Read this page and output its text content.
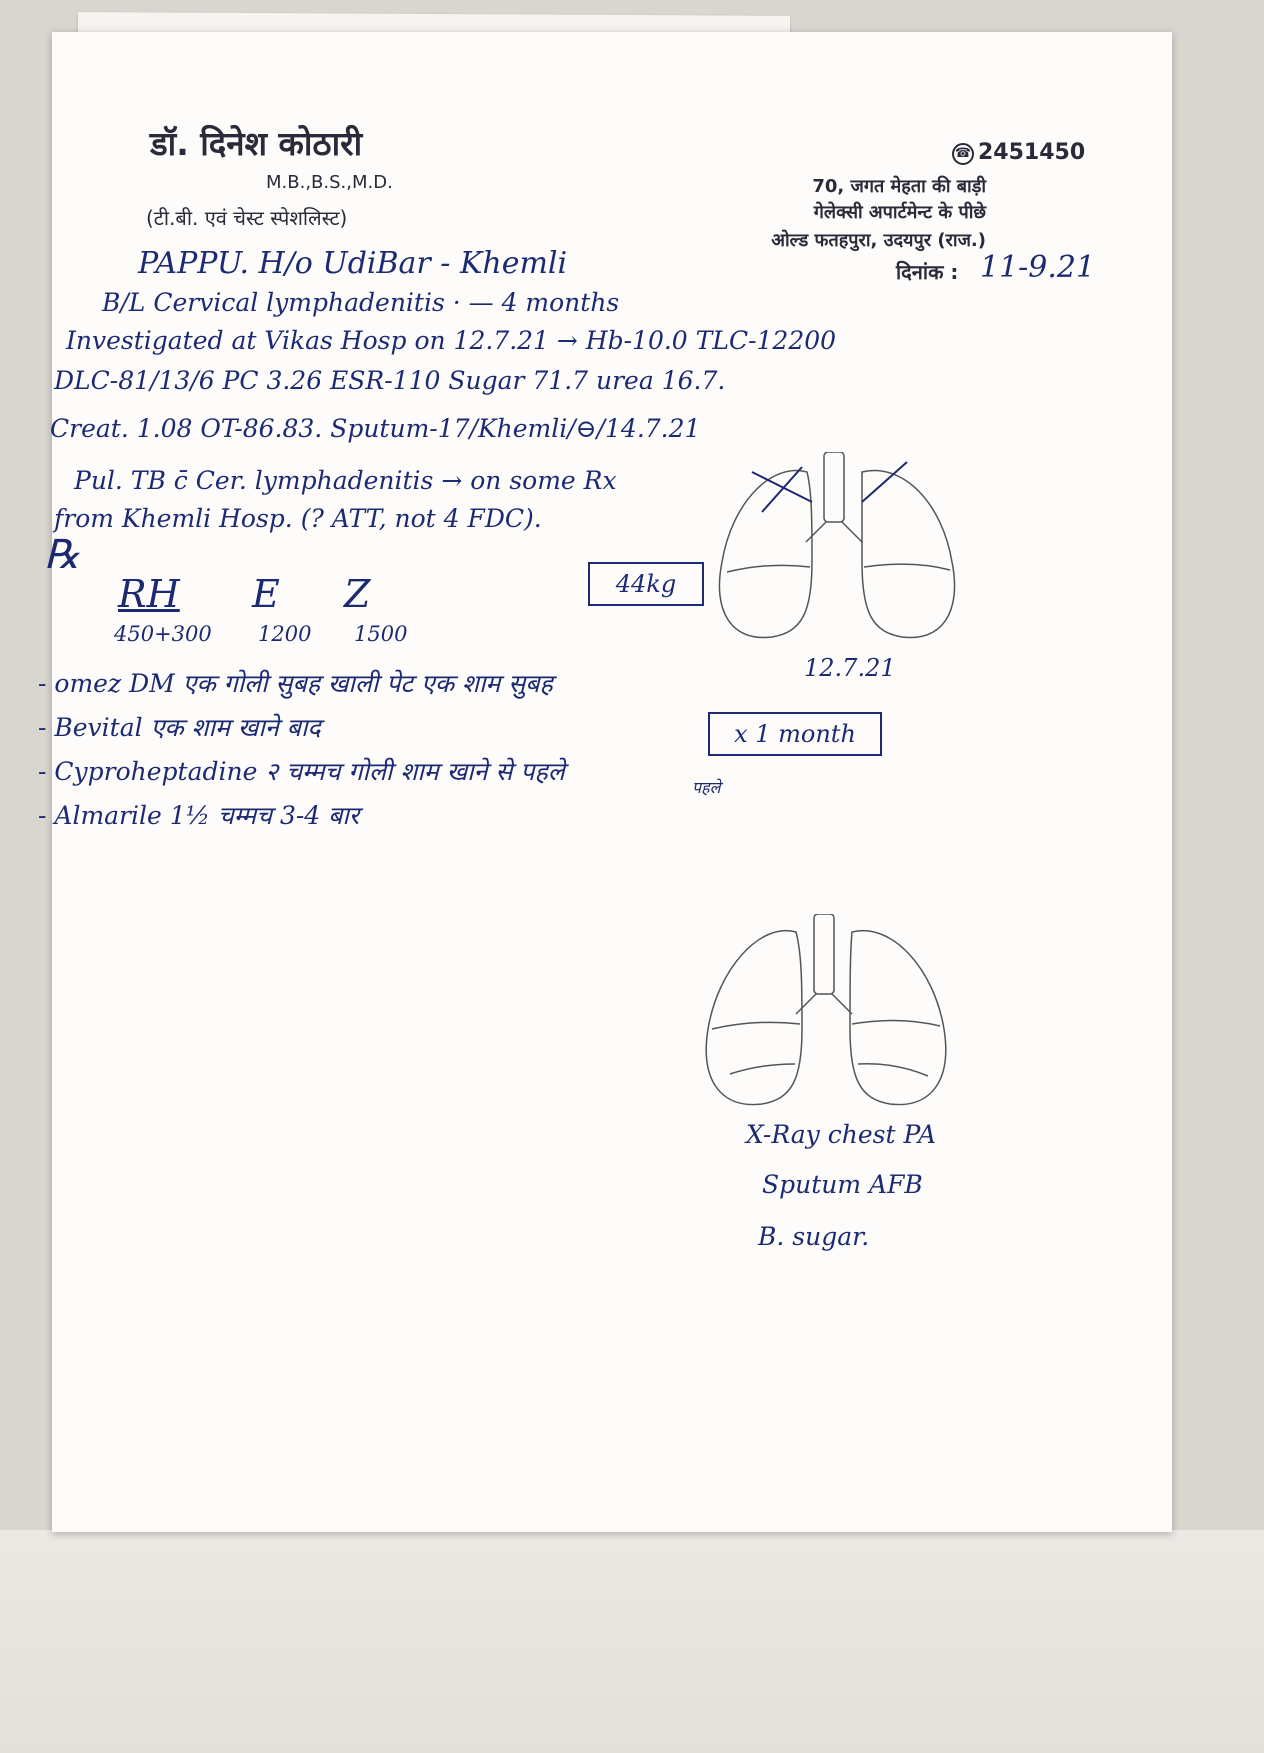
डॉ. दिनेश कोठारी
M.B.,B.S.,M.D.
(टी.बी. एवं चेस्ट स्पेशलिस्ट)
☎ 2451450
70, जगत मेहता की बाड़ी
गेलेक्सी अपार्टमेन्ट के पीछे
ओल्ड फतहपुरा, उदयपुर (राज.)
दिनांक : 11-9.21
PAPPU. H/o UdiBar - Khemli
B/L Cervical lymphadenitis · — 4 months
Investigated at Vikas Hosp on 12.7.21 → Hb-10.0 TLC-12200
DLC-81/13/6 PC 3.26 ESR-110 Sugar 71.7 urea 16.7.
Creat. 1.08 OT-86.83. Sputum-17/Khemli/⊖/14.7.21
Pul. TB c̄ Cer. lymphadenitis → on some Rx
from Khemli Hosp. (? ATT, not 4 FDC).
℞
RH E Z
450+300 1200 1500
44kg
- omez DM एक गोली सुबह खाली पेट एक शाम सुबह
- Bevital एक शाम खाने बाद
- Cyproheptadine २ चम्मच गोली शाम खाने से पहले
पहले
- Almarile 1½ चम्मच 3-4 बार
x 1 month
12.7.21
X-Ray chest PA
Sputum AFB
B. sugar.
